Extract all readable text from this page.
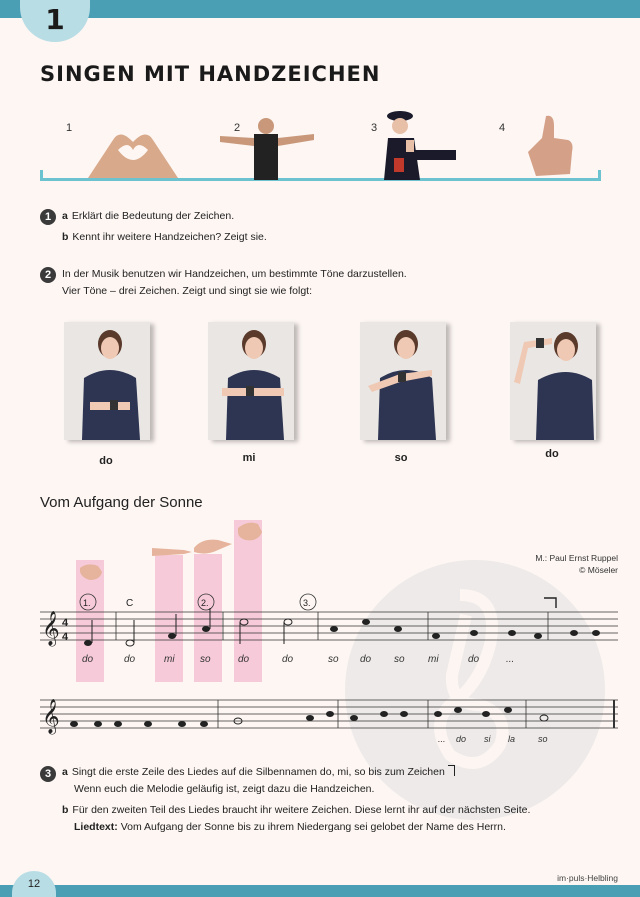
1
SINGEN MIT HANDZEICHEN
1	2	3	4
1	a Erklärt die Bedeutung der Zeichen.
b Kennt ihr weitere Handzeichen? Zeigt sie.
2	In der Musik benutzen wir Handzeichen, um bestimmte Töne darzustellen.
Vier Töne – drei Zeichen. Zeigt und singt sie wie folgt:
do	mi	so	do
Vom Aufgang der Sonne
M.: Paul Ernst Ruppel
© Möseler
𝄞 4
4
C
1.	2.	3.
do	do	mi	so	do	do	so do so mi	do	...
𝄞
... do si la	so
3	a Singt die erste Zeile des Liedes auf die Silbennamen do, mi, so bis zum Zeichen
Wenn euch die Melodie geläufig ist, zeigt dazu die Handzeichen.
b Für den zweiten Teil des Liedes braucht ihr weitere Zeichen. Diese lernt ihr auf der nächsten Seite.
Liedtext: Vom Aufgang der Sonne bis zu ihrem Niedergang sei gelobet der Name des Herrn.
12	im·puls·Helbling
